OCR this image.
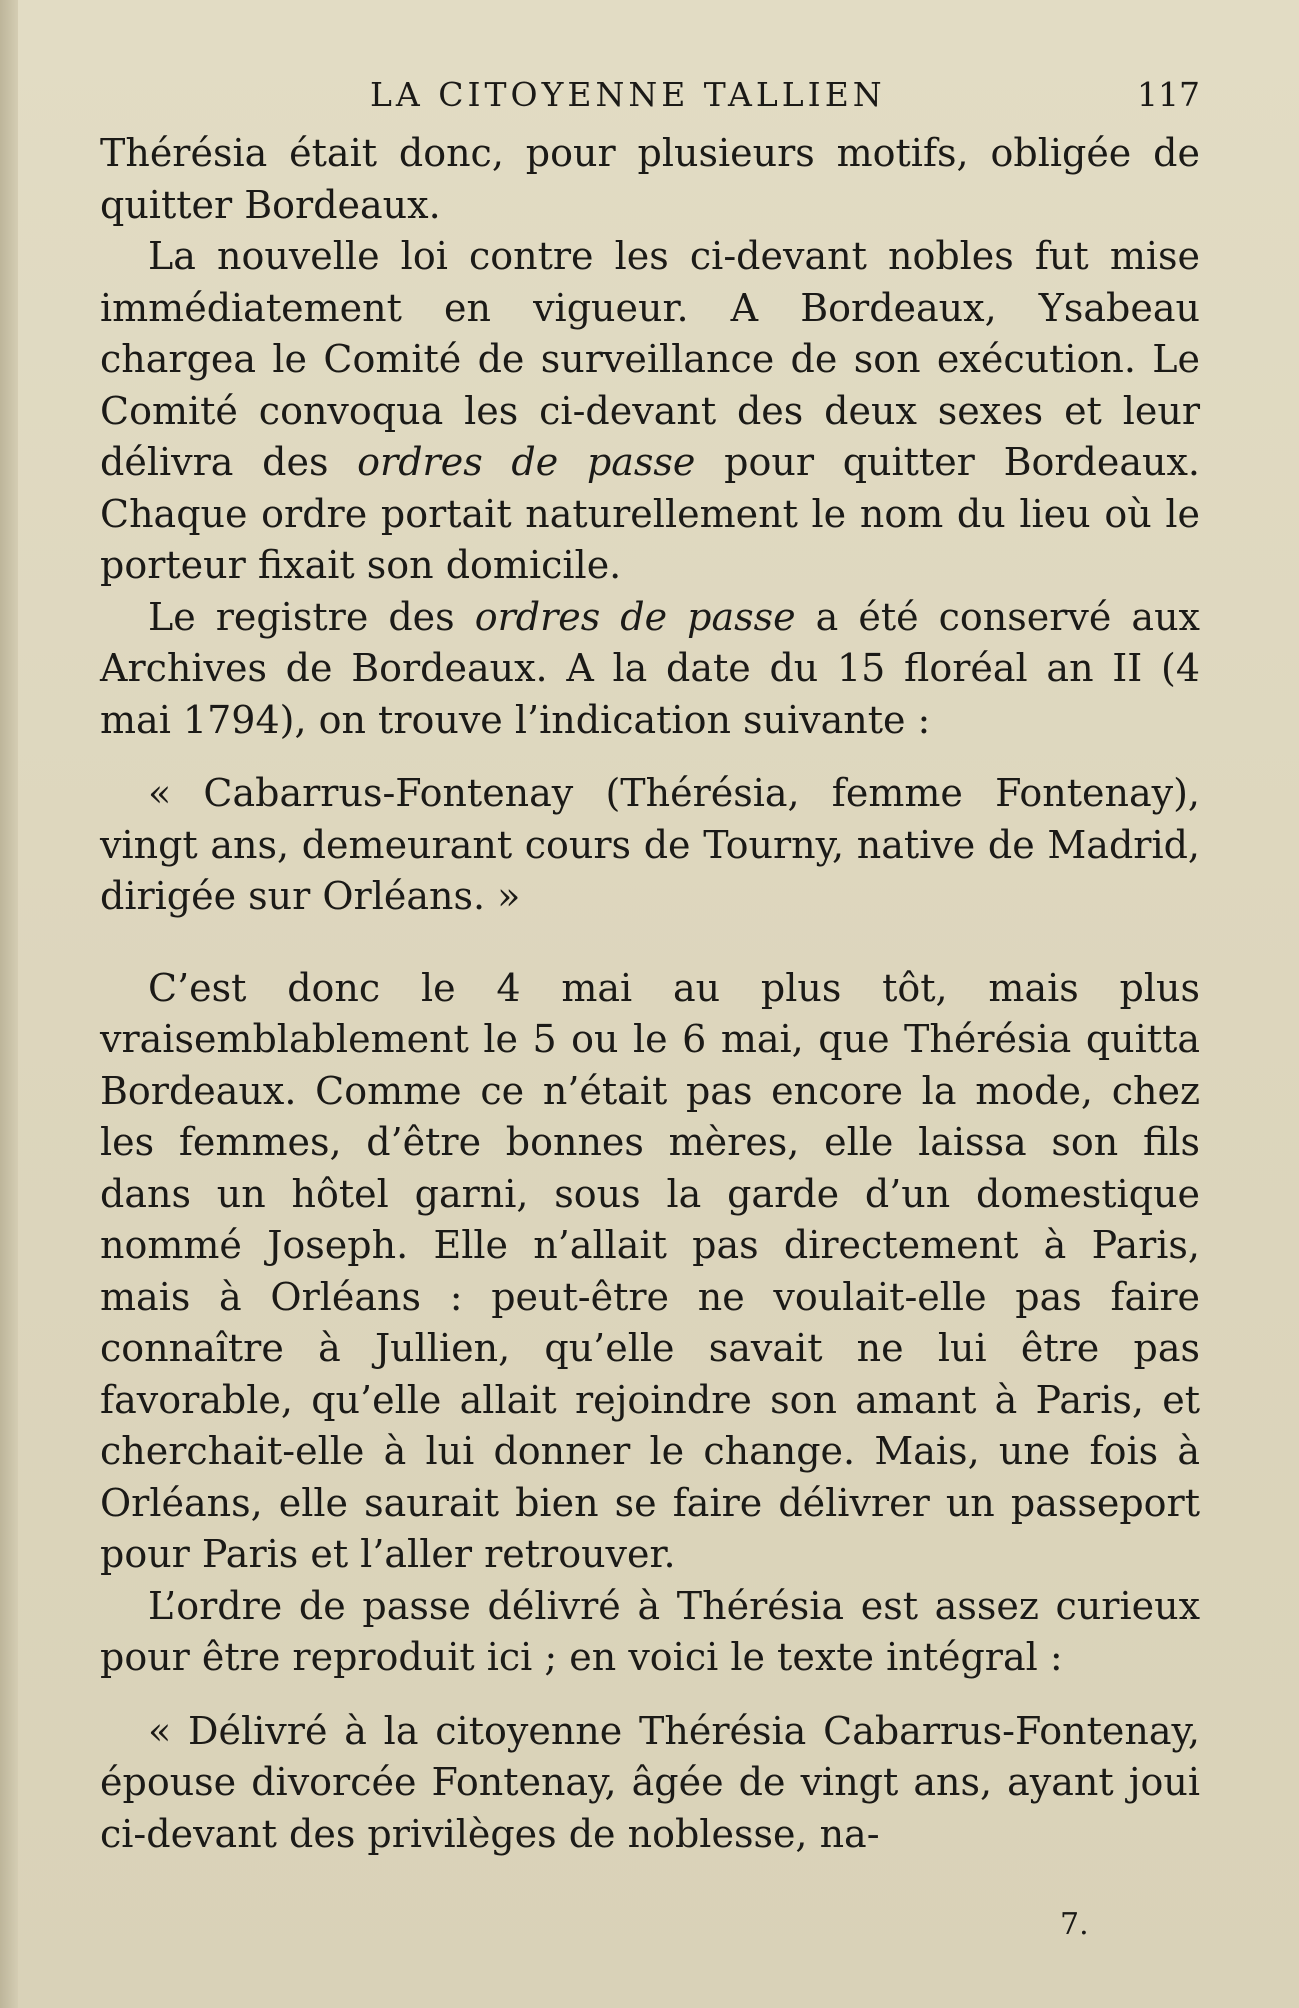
LA CITOYENNE TALLIEN	117

Thérésia était donc, pour plusieurs motifs, obligée de quitter Bordeaux.

La nouvelle loi contre les ci-devant nobles fut mise immédiatement en vigueur. A Bordeaux, Ysabeau chargea le Comité de surveillance de son exécution. Le Comité convoqua les ci-devant des deux sexes et leur délivra des ordres de passe pour quitter Bordeaux. Chaque ordre portait naturellement le nom du lieu où le porteur fixait son domicile.

Le registre des ordres de passe a été conservé aux Archives de Bordeaux. A la date du 15 floréal an II (4 mai 1794), on trouve l’indication suivante :

« Cabarrus-Fontenay (Thérésia, femme Fontenay), vingt ans, demeurant cours de Tourny, native de Madrid, dirigée sur Orléans. »

C’est donc le 4 mai au plus tôt, mais plus vraisemblablement le 5 ou le 6 mai, que Thérésia quitta Bordeaux. Comme ce n’était pas encore la mode, chez les femmes, d’être bonnes mères, elle laissa son fils dans un hôtel garni, sous la garde d’un domestique nommé Joseph. Elle n’allait pas directement à Paris, mais à Orléans : peut-être ne voulait-elle pas faire connaître à Jullien, qu’elle savait ne lui être pas favorable, qu’elle allait rejoindre son amant à Paris, et cherchait-elle à lui donner le change. Mais, une fois à Orléans, elle saurait bien se faire délivrer un passeport pour Paris et l’aller retrouver.

L’ordre de passe délivré à Thérésia est assez curieux pour être reproduit ici ; en voici le texte intégral :

« Délivré à la citoyenne Thérésia Cabarrus-Fontenay, épouse divorcée Fontenay, âgée de vingt ans, ayant joui ci-devant des privilèges de noblesse, na-

7.
